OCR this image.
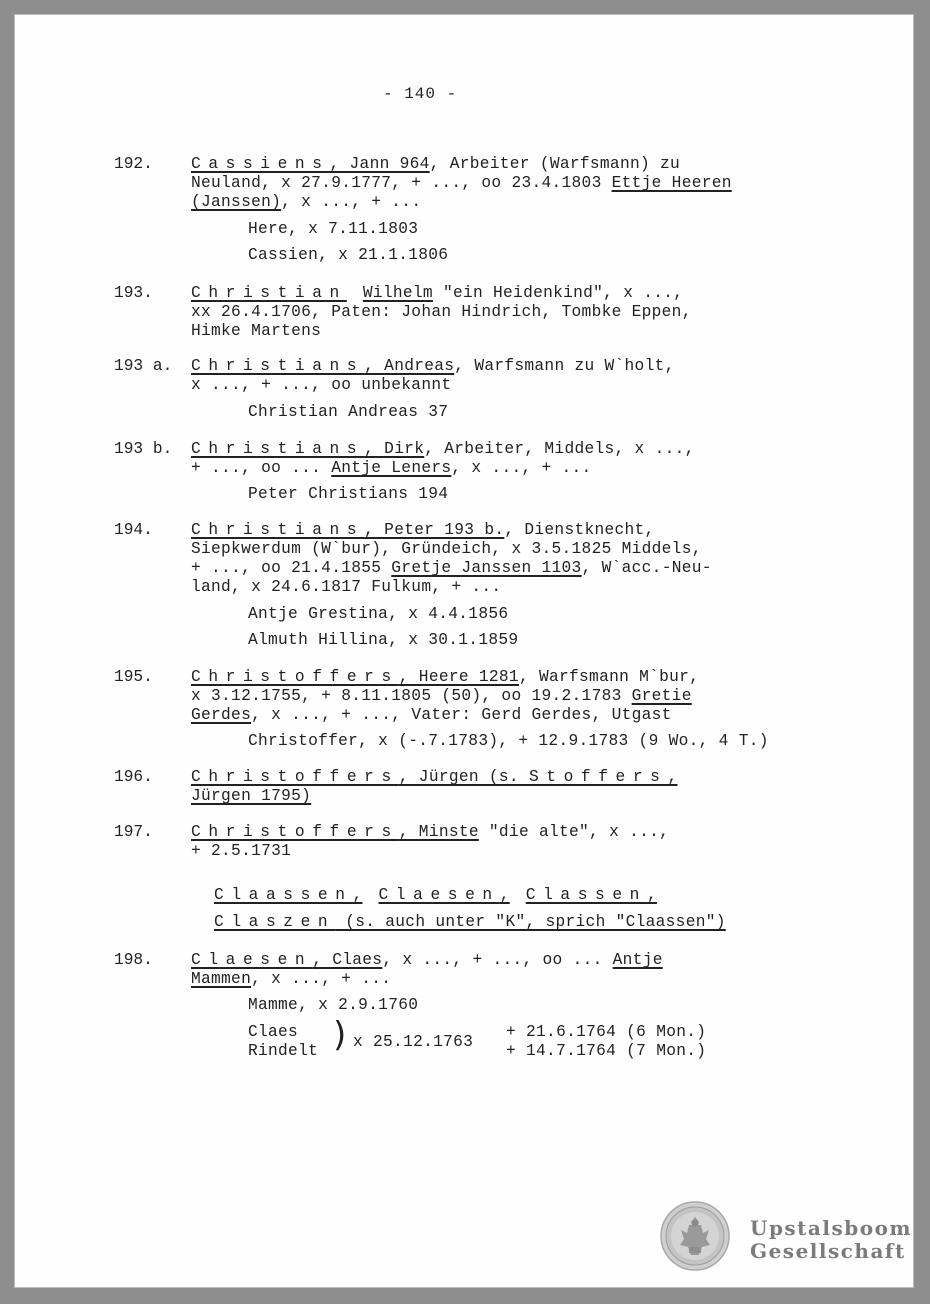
- 140 -
192. Cassiens, Jann 964, Arbeiter (Warfsmann) zu
Neuland, x 27.9.1777, + ..., oo 23.4.1803 Ettje Heeren
(Janssen), x ..., + ...
Here, x 7.11.1803
Cassien, x 21.1.1806
193. Christian Wilhelm "ein Heidenkind", x ...,
xx 26.4.1706, Paten: Johan Hindrich, Tombke Eppen,
Himke Martens
193 a. Christians, Andreas, Warfsmann zu W`holt,
x ..., + ..., oo unbekannt
Christian Andreas 37
193 b. Christians, Dirk, Arbeiter, Middels, x ...,
+ ..., oo ... Antje Leners, x ..., + ...
Peter Christians 194
194. Christians, Peter 193 b., Dienstknecht,
Siepkwerdum (W`bur), Gründeich, x 3.5.1825 Middels,
+ ..., oo 21.4.1855 Gretje Janssen 1103, W`acc.-Neu-
land, x 24.6.1817 Fulkum, + ...
Antje Grestina, x 4.4.1856
Almuth Hillina, x 30.1.1859
195. Christoffers, Heere 1281, Warfsmann M`bur,
x 3.12.1755, + 8.11.1805 (50), oo 19.2.1783 Gretie
Gerdes, x ..., + ..., Vater: Gerd Gerdes, Utgast
Christoffer, x (-.7.1783), + 12.9.1783 (9 Wo., 4 T.)
196. Christoffers, Jürgen (s. Stoffers,
Jürgen 1795)
197. Christoffers, Minste "die alte", x ...,
+ 2.5.1731
Claassen, Claesen, Classen,
Claszen (s. auch unter "K", sprich "Claassen")
198. Claesen, Claes, x ..., + ..., oo ... Antje
Mammen, x ..., + ...
Mamme, x 2.9.1760
Claes
Rindelt ) x 25.12.1763
+ 21.6.1764 (6 Mon.)
+ 14.7.1764 (7 Mon.)
Upstalsboom
Gesellschaft
